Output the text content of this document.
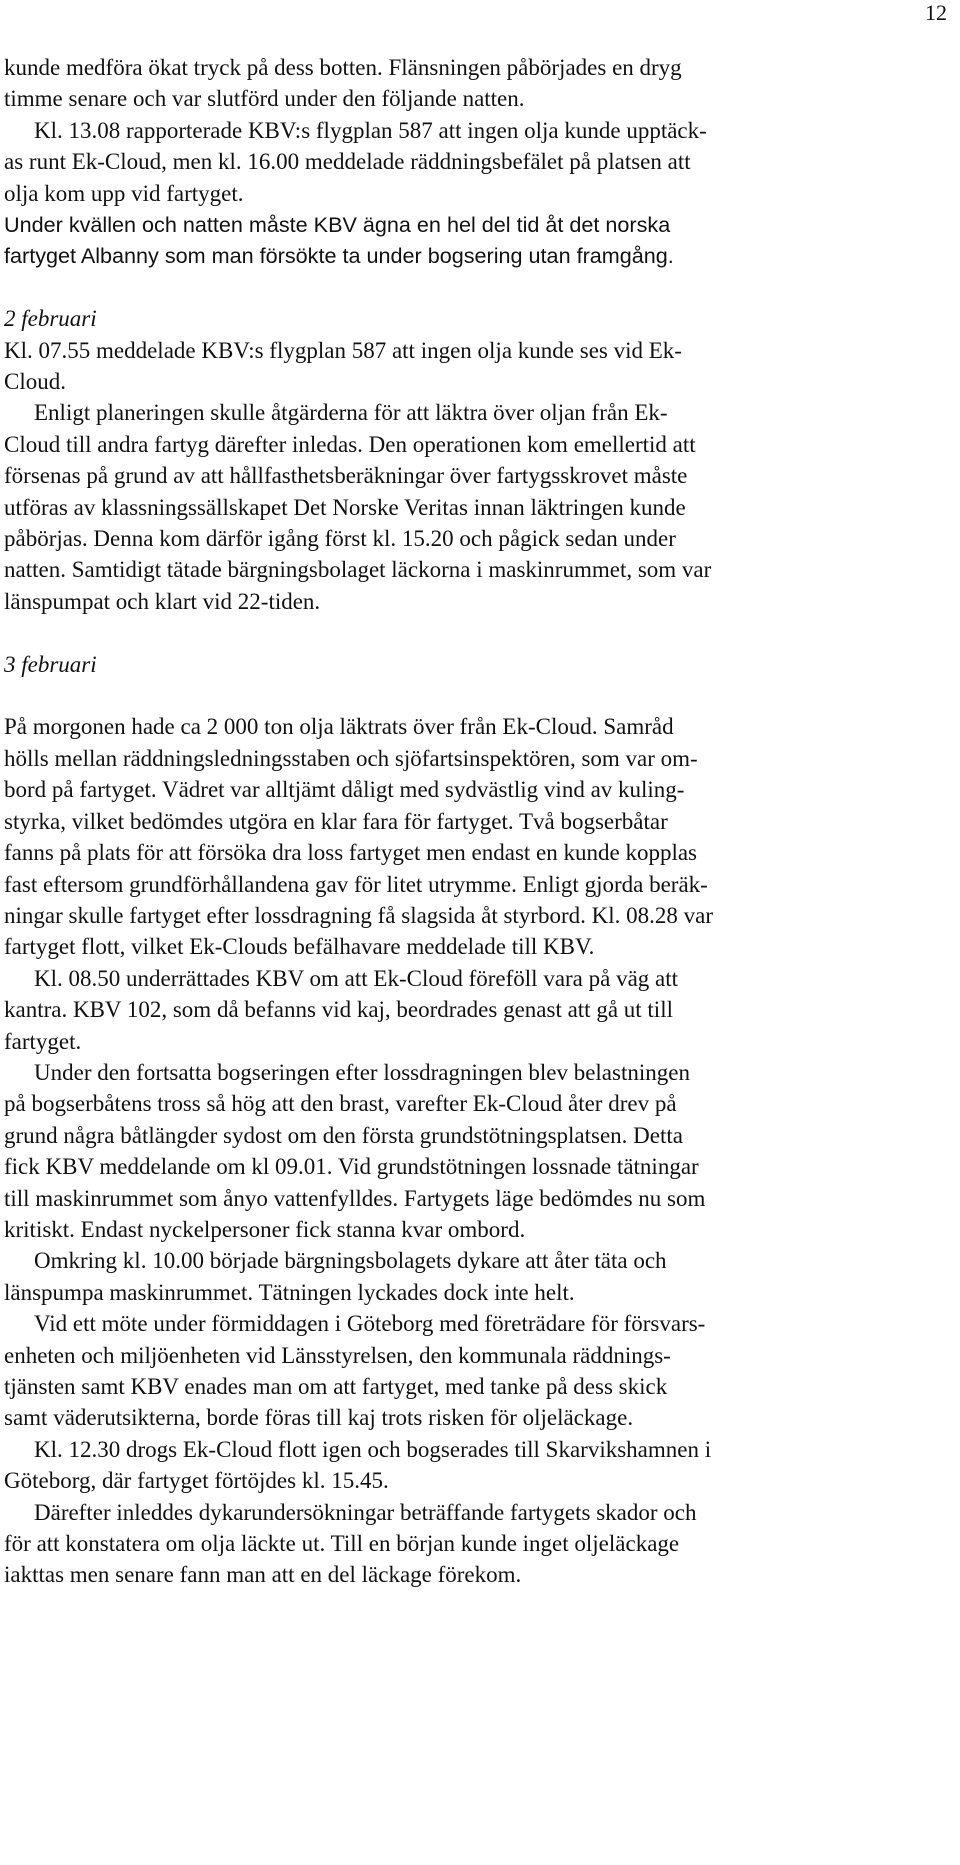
12
kunde medföra ökat tryck på dess botten. Flänsningen påbörjades en dryg
timme senare och var slutförd under den följande natten.
Kl. 13.08 rapporterade KBV:s flygplan 587 att ingen olja kunde upptäck-
as runt Ek-Cloud, men kl. 16.00 meddelade räddningsbefälet på platsen att
olja kom upp vid fartyget.
Under kvällen och natten måste KBV ägna en hel del tid åt det norska
fartyget Albanny som man försökte ta under bogsering utan framgång.
2 februari
Kl. 07.55 meddelade KBV:s flygplan 587 att ingen olja kunde ses vid Ek-
Cloud.
Enligt planeringen skulle åtgärderna för att läktra över oljan från Ek-
Cloud till andra fartyg därefter inledas. Den operationen kom emellertid att
försenas på grund av att hållfasthetsberäkningar över fartygsskrovet måste
utföras av klassningssällskapet Det Norske Veritas innan läktringen kunde
påbörjas. Denna kom därför igång först kl. 15.20 och pågick sedan under
natten. Samtidigt tätade bärgningsbolaget läckorna i maskinrummet, som var
länspumpat och klart vid 22-tiden.
3 februari
På morgonen hade ca 2 000 ton olja läktrats över från Ek-Cloud. Samråd
hölls mellan räddningsledningsstaben och sjöfartsinspektören, som var om-
bord på fartyget. Vädret var alltjämt dåligt med sydvästlig vind av kuling-
styrka, vilket bedömdes utgöra en klar fara för fartyget. Två bogserbåtar
fanns på plats för att försöka dra loss fartyget men endast en kunde kopplas
fast eftersom grundförhållandena gav för litet utrymme. Enligt gjorda beräk-
ningar skulle fartyget efter lossdragning få slagsida åt styrbord. Kl. 08.28 var
fartyget flott, vilket Ek-Clouds befälhavare meddelade till KBV.
Kl. 08.50 underrättades KBV om att Ek-Cloud föreföll vara på väg att
kantra. KBV 102, som då befanns vid kaj, beordrades genast att gå ut till
fartyget.
Under den fortsatta bogseringen efter lossdragningen blev belastningen
på bogserbåtens tross så hög att den brast, varefter Ek-Cloud åter drev på
grund några båtlängder sydost om den första grundstötningsplatsen. Detta
fick KBV meddelande om kl 09.01. Vid grundstötningen lossnade tätningar
till maskinrummet som ånyo vattenfylldes. Fartygets läge bedömdes nu som
kritiskt. Endast nyckelpersoner fick stanna kvar ombord.
Omkring kl. 10.00 började bärgningsbolagets dykare att åter täta och
länspumpa maskinrummet. Tätningen lyckades dock inte helt.
Vid ett möte under förmiddagen i Göteborg med företrädare för försvars-
enheten och miljöenheten vid Länsstyrelsen, den kommunala räddnings-
tjänsten samt KBV enades man om att fartyget, med tanke på dess skick
samt väderutsikterna, borde föras till kaj trots risken för oljeläckage.
Kl. 12.30 drogs Ek-Cloud flott igen och bogserades till Skarvikshamnen i
Göteborg, där fartyget förtöjdes kl. 15.45.
Därefter inleddes dykarundersökningar beträffande fartygets skador och
för att konstatera om olja läckte ut. Till en början kunde inget oljeläckage
iakttas men senare fann man att en del läckage förekom.
